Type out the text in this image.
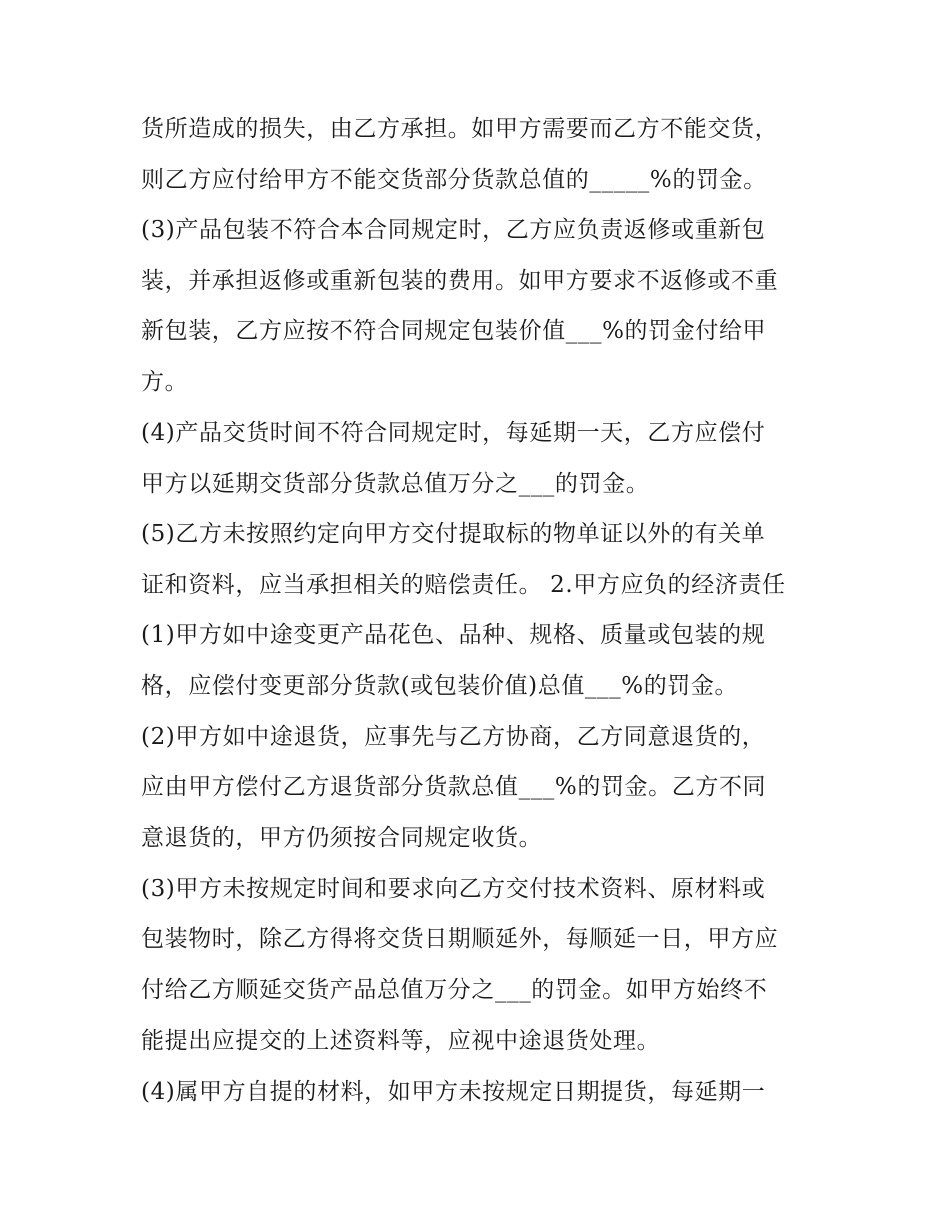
货所造成的损失，由乙方承担。如甲方需要而乙方不能交货，
则乙方应付给甲方不能交货部分货款总值的_____%的罚金。
(3)产品包装不符合本合同规定时，乙方应负责返修或重新包
装，并承担返修或重新包装的费用。如甲方要求不返修或不重
新包装，乙方应按不符合同规定包装价值___%的罚金付给甲
方。
(4)产品交货时间不符合同规定时，每延期一天，乙方应偿付
甲方以延期交货部分货款总值万分之___的罚金。
(5)乙方未按照约定向甲方交付提取标的物单证以外的有关单
证和资料，应当承担相关的赔偿责任。 2.甲方应负的经济责任
(1)甲方如中途变更产品花色、品种、规格、质量或包装的规
格，应偿付变更部分货款(或包装价值)总值___%的罚金。
(2)甲方如中途退货，应事先与乙方协商，乙方同意退货的，
应由甲方偿付乙方退货部分货款总值___%的罚金。乙方不同
意退货的，甲方仍须按合同规定收货。
(3)甲方未按规定时间和要求向乙方交付技术资料、原材料或
包装物时，除乙方得将交货日期顺延外，每顺延一日，甲方应
付给乙方顺延交货产品总值万分之___的罚金。如甲方始终不
能提出应提交的上述资料等，应视中途退货处理。
(4)属甲方自提的材料，如甲方未按规定日期提货，每延期一
